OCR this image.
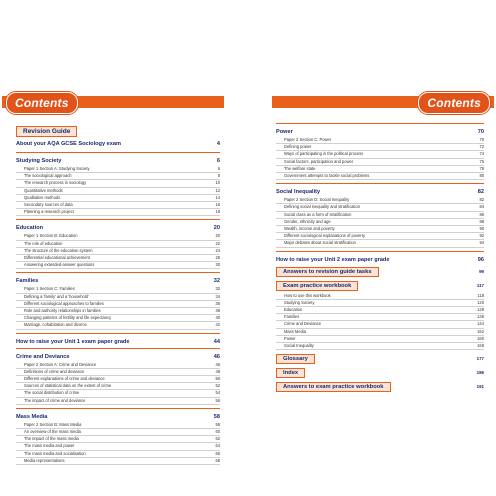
Contents
Revision Guide
About your AQA GCSE Sociology exam	4
Studying Society	6
Paper 1 Section A: Studying Society	6
The sociological approach	8
The research process in sociology	10
Quantitative methods	12
Qualitative methods	14
Secondary sources of data	16
Planning a research project	18
Education	20
Paper 1 Section B: Education	20
The role of education	22
The structure of the education system	24
Differential educational achievement	26
Answering extended-answer questions	30
Families	32
Paper 1 Section C: Families	32
Defining a 'family' and a 'household'	34
Different sociological approaches to families	36
Role and authority relationships in families	38
Changing patterns of fertility and life expectancy	40
Marriage, cohabitation and divorce	42
How to raise your Unit 1 exam paper grade	44
Crime and Deviance	46
Paper 2 Section A: Crime and Deviance	46
Definitions of crime and deviance	48
Different explanations of crime and deviance	50
Sources of statistical data on the extent of crime	52
The social distribution of crime	54
The impact of crime and deviance	56
Mass Media	58
Paper 2 Section B: Mass Media	58
An overview of the mass media	60
The impact of the mass media	62
The mass media and power	64
The mass media and socialisation	66
Media representations	68
Contents
Power	70
Paper 2 Section C: Power	70
Defining power	72
Ways of participating in the political process	74
Social factors, participation and power	76
The welfare state	78
Government attempts to tackle social problems	80
Social Inequality	82
Paper 2 Section D: Social Inequality	82
Defining social inequality and stratification	84
Social class as a form of stratification	86
Gender, ethnicity and age	88
Wealth, income and poverty	90
Different sociological explanations of poverty	92
Major debates about social stratification	94
How to raise your Unit 2 exam paper grade	96
Answers to revision guide tasks	99
Exam practice workbook	117
How to use this workbook	118
Studying Society	120
Education	128
Families	136
Crime and Deviance	144
Mass Media	152
Power	160
Social Inequality	168
Glossary	177
Index	186
Answers to exam practice workbook	191
